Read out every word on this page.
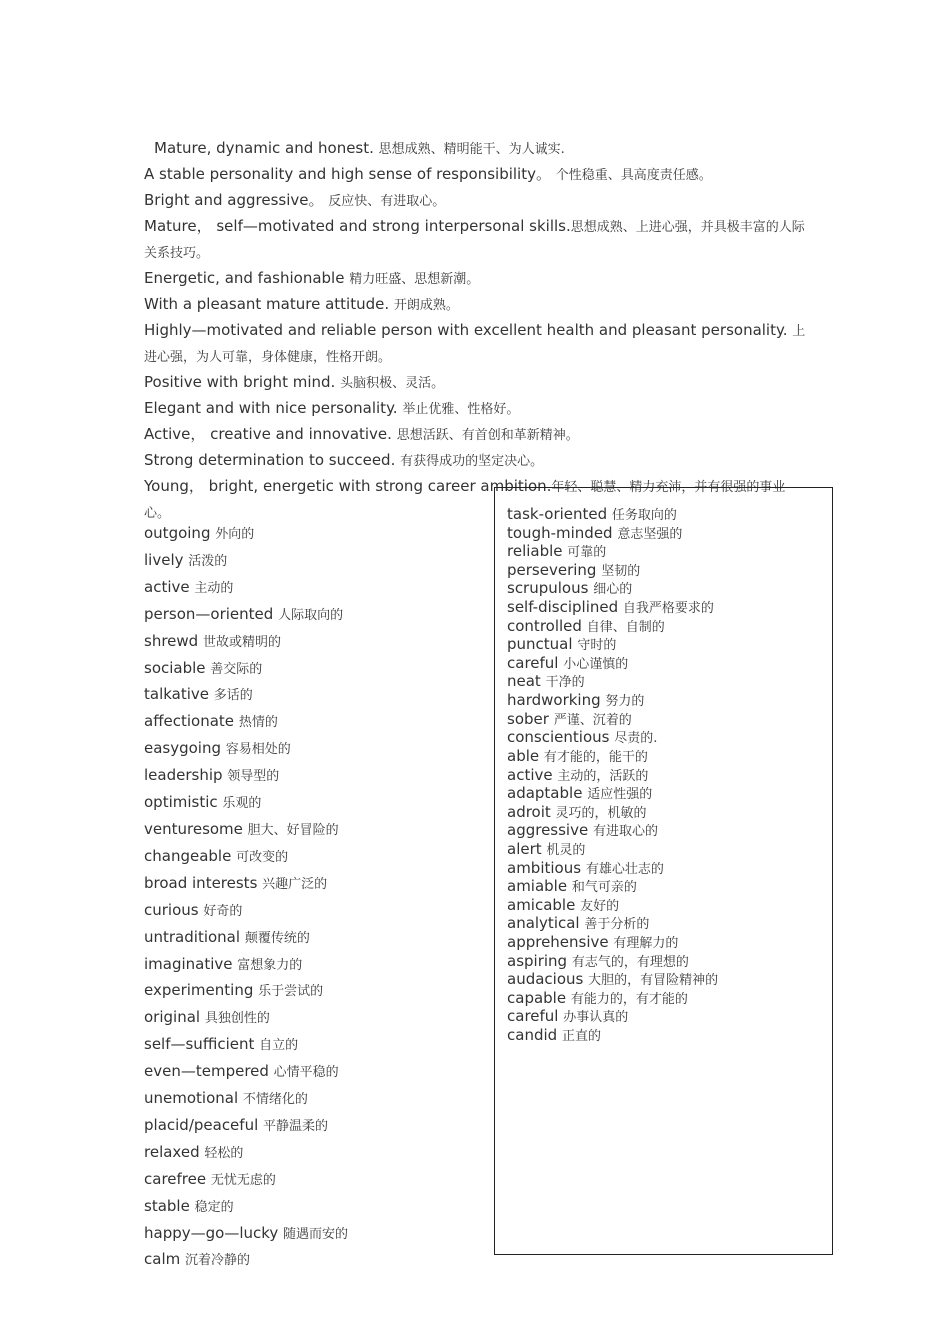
Mature, dynamic and honest. 思想成熟、精明能干、为人诚实.
A stable personality and high sense of responsibility。 个性稳重、具高度责任感。
Bright and aggressive。 反应快、有进取心。
Mature， self—motivated and strong interpersonal skills.思想成熟、上进心强，并具极丰富的人际关系技巧。
Energetic, and fashionable 精力旺盛、思想新潮。
With a pleasant mature attitude. 开朗成熟。
Highly—motivated and reliable person with excellent health and pleasant personality. 上进心强，为人可靠，身体健康，性格开朗。
Positive with bright mind. 头脑积极、灵活。
Elegant and with nice personality. 举止优雅、性格好。
Active， creative and innovative. 思想活跃、有首创和革新精神。
Strong determination to succeed. 有获得成功的坚定决心。
Young， bright, energetic with strong career ambition.年轻、聪慧、精力充沛，并有很强的事业心。
outgoing 外向的
lively 活泼的
active 主动的
person—oriented 人际取向的
shrewd 世故或精明的
sociable 善交际的
talkative 多话的
affectionate 热情的
easygoing 容易相处的
leadership 领导型的
optimistic 乐观的
venturesome 胆大、好冒险的
changeable 可改变的
broad interests 兴趣广泛的
curious 好奇的
untraditional 颠覆传统的
imaginative 富想象力的
experimenting 乐于尝试的
original 具独创性的
self—sufficient 自立的
even—tempered 心情平稳的
unemotional 不情绪化的
placid/peaceful 平静温柔的
relaxed 轻松的
carefree 无忧无虑的
stable 稳定的
happy—go—lucky 随遇而安的
calm 沉着冷静的
task-oriented 任务取向的
tough-minded 意志坚强的
reliable 可靠的
persevering 坚韧的
scrupulous 细心的
self-disciplined 自我严格要求的
controlled 自律、自制的
punctual 守时的
careful 小心谨慎的
neat 干净的
hardworking 努力的
sober 严谨、沉着的
conscientious 尽责的.
able 有才能的，能干的
active 主动的，活跃的
adaptable 适应性强的
adroit 灵巧的，机敏的
aggressive 有进取心的
alert 机灵的
ambitious 有雄心壮志的
amiable 和气可亲的
amicable 友好的
analytical 善于分析的
apprehensive 有理解力的
aspiring 有志气的，有理想的
audacious 大胆的，有冒险精神的
capable 有能力的，有才能的
careful 办事认真的
candid 正直的
